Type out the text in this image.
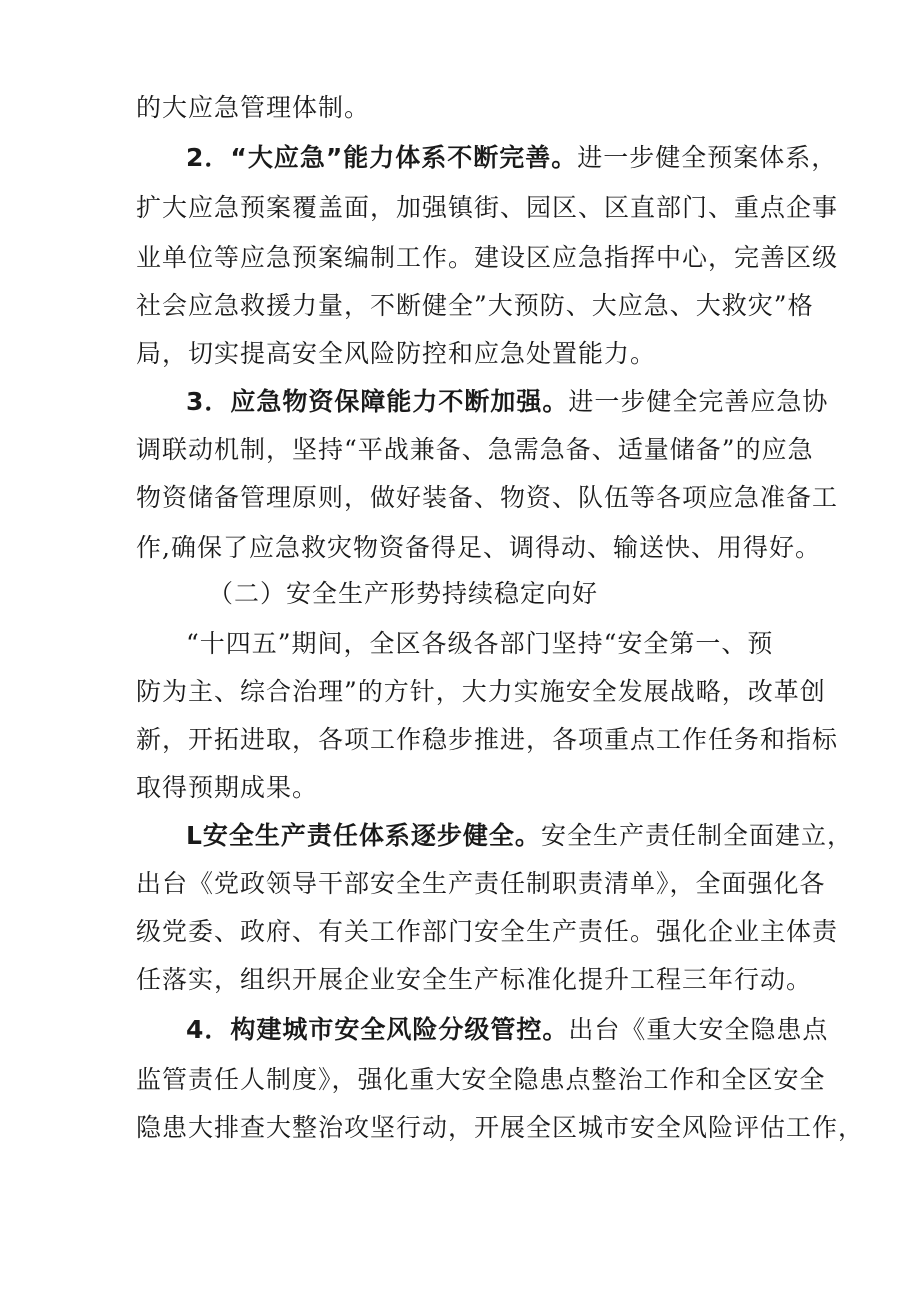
的大应急管理体制。
2．“大应急”能力体系不断完善。进一步健全预案体系，
扩大应急预案覆盖面，加强镇街、园区、区直部门、重点企事
业单位等应急预案编制工作。建设区应急指挥中心，完善区级
社会应急救援力量，不断健全”大预防、大应急、大救灾”格
局，切实提高安全风险防控和应急处置能力。
3．应急物资保障能力不断加强。进一步健全完善应急协
调联动机制，坚持“平战兼备、急需急备、适量储备”的应急
物资储备管理原则，做好装备、物资、队伍等各项应急准备工
作,确保了应急救灾物资备得足、调得动、输送快、用得好。
（二）安全生产形势持续稳定向好
“十四五”期间，全区各级各部门坚持“安全第一、预
防为主、综合治理”的方针，大力实施安全发展战略，改革创
新，开拓进取，各项工作稳步推进，各项重点工作任务和指标
取得预期成果。
L安全生产责任体系逐步健全。安全生产责任制全面建立，
出台《党政领导干部安全生产责任制职责清单》，全面强化各
级党委、政府、有关工作部门安全生产责任。强化企业主体责
任落实，组织开展企业安全生产标准化提升工程三年行动。
4．构建城市安全风险分级管控。出台《重大安全隐患点
监管责任人制度》，强化重大安全隐患点整治工作和全区安全
隐患大排查大整治攻坚行动，开展全区城市安全风险评估工作，
